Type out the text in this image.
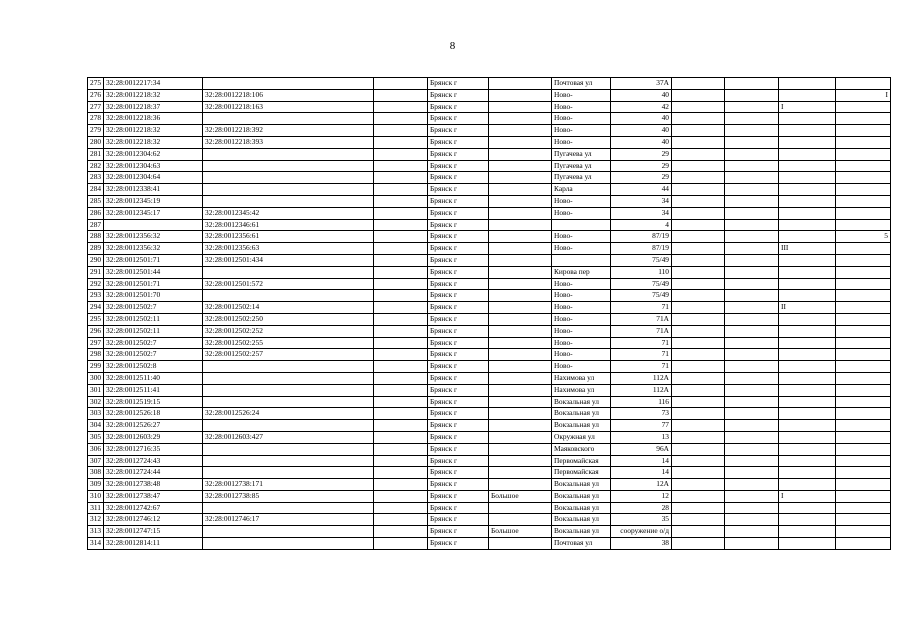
8
275	32:28:0012217:34			Брянск г		Почтовая ул	37А				
276	32:28:0012218:32	32:28:0012218:106		Брянск г		Ново-	40				I
277	32:28:0012218:37	32:28:0012218:163		Брянск г		Ново-	42			I	
278	32:28:0012218:36			Брянск г		Ново-	40				
279	32:28:0012218:32	32:28:0012218:392		Брянск г		Ново-	40				
280	32:28:0012218:32	32:28:0012218:393		Брянск г		Ново-	40				
281	32:28:0012304:62			Брянск г		Пугачева ул	29				
282	32:28:0012304:63			Брянск г		Пугачева ул	29				
283	32:28:0012304:64			Брянск г		Пугачева ул	29				
284	32:28:0012338:41			Брянск г		Карла	44				
285	32:28:0012345:19			Брянск г		Ново-	34				
286	32:28:0012345:17	32:28:0012345:42		Брянск г		Ново-	34				
287		32:28:0012346:61		Брянск г			4				
288	32:28:0012356:32	32:28:0012356:61		Брянск г		Ново-	87/19				5
289	32:28:0012356:32	32:28:0012356:63		Брянск г		Ново-	87/19			III	
290	32:28:0012501:71	32:28:0012501:434		Брянск г			75/49				
291	32:28:0012501:44			Брянск г		Кирова пер	110				
292	32:28:0012501:71	32:28:0012501:572		Брянск г		Ново-	75/49				
293	32:28:0012501:70			Брянск г		Ново-	75/49				
294	32:28:0012502:7	32:28:0012502:14		Брянск г		Ново-	71			II	
295	32:28:0012502:11	32:28:0012502:250		Брянск г		Ново-	71А				
296	32:28:0012502:11	32:28:0012502:252		Брянск г		Ново-	71А				
297	32:28:0012502:7	32:28:0012502:255		Брянск г		Ново-	71				
298	32:28:0012502:7	32:28:0012502:257		Брянск г		Ново-	71				
299	32:28:0012502:8			Брянск г		Ново-	71				
300	32:28:0012511:40			Брянск г		Нахимова ул	112А				
301	32:28:0012511:41			Брянск г		Нахимова ул	112А				
302	32:28:0012519:15			Брянск г		Вокзальная ул	116				
303	32:28:0012526:18	32:28:0012526:24		Брянск г		Вокзальная ул	73				
304	32:28:0012526:27			Брянск г		Вокзальная ул	77				
305	32:28:0012603:29	32:28:0012603:427		Брянск г		Окружная ул	13				
306	32:28:0012716:35			Брянск г		Маяковского	96А				
307	32:28:0012724:43			Брянск г		Первомайская	14				
308	32:28:0012724:44			Брянск г		Первомайская	14				
309	32:28:0012738:48	32:28:0012738:171		Брянск г		Вокзальная ул	12А				
310	32:28:0012738:47	32:28:0012738:85		Брянск г	Большое	Вокзальная ул	12			I	
311	32:28:0012742:67			Брянск г		Вокзальная ул	28				
312	32:28:0012746:12	32:28:0012746:17		Брянск г		Вокзальная ул	35				
313	32:28:0012747:15			Брянск г	Большое	Вокзальная ул	сооружение o/д				
314	32:28:0012814:11			Брянск г		Почтовая ул	38				
